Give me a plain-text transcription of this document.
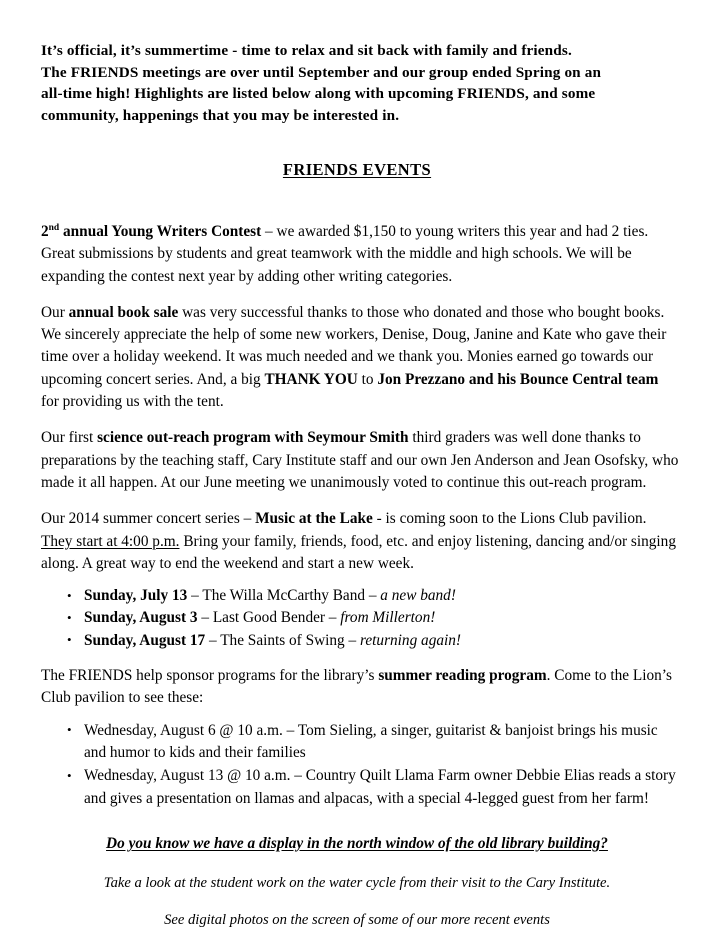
It’s official, it’s summertime - time to relax and sit back with family and friends.
The FRIENDS meetings are over until September and our group ended Spring on an
all-time high! Highlights are listed below along with upcoming FRIENDS, and some
community, happenings that you may be interested in.
FRIENDS EVENTS

2nd annual Young Writers Contest – we awarded $1,150 to young writers this year and had 2 ties. Great submissions by students and great teamwork with the middle and high schools. We will be expanding the contest next year by adding other writing categories.

Our annual book sale was very successful thanks to those who donated and those who bought books. We sincerely appreciate the help of some new workers, Denise, Doug, Janine and Kate who gave their time over a holiday weekend. It was much needed and we thank you. Monies earned go towards our upcoming concert series. And, a big THANK YOU to Jon Prezzano and his Bounce Central team for providing us with the tent.

Our first science out-reach program with Seymour Smith third graders was well done thanks to preparations by the teaching staff, Cary Institute staff and our own Jen Anderson and Jean Osofsky, who made it all happen. At our June meeting we unanimously voted to continue this out-reach program.

Our 2014 summer concert series – Music at the Lake - is coming soon to the Lions Club pavilion. They start at 4:00 p.m. Bring your family, friends, food, etc. and enjoy listening, dancing and/or singing along. A great way to end the weekend and start a new week.

• Sunday, July 13 – The Willa McCarthy Band – a new band!
• Sunday, August 3 – Last Good Bender – from Millerton!
• Sunday, August 17 – The Saints of Swing – returning again!

The FRIENDS help sponsor programs for the library’s summer reading program. Come to the Lion’s Club pavilion to see these:

• Wednesday, August 6 @ 10 a.m. – Tom Sieling, a singer, guitarist & banjoist brings his music and humor to kids and their families
• Wednesday, August 13 @ 10 a.m. – Country Quilt Llama Farm owner Debbie Elias reads a story and gives a presentation on llamas and alpacas, with a special 4-legged guest from her farm!
Do you know we have a display in the north window of the old library building?
Take a look at the student work on the water cycle from their visit to the Cary Institute.
See digital photos on the screen of some of our more recent events
